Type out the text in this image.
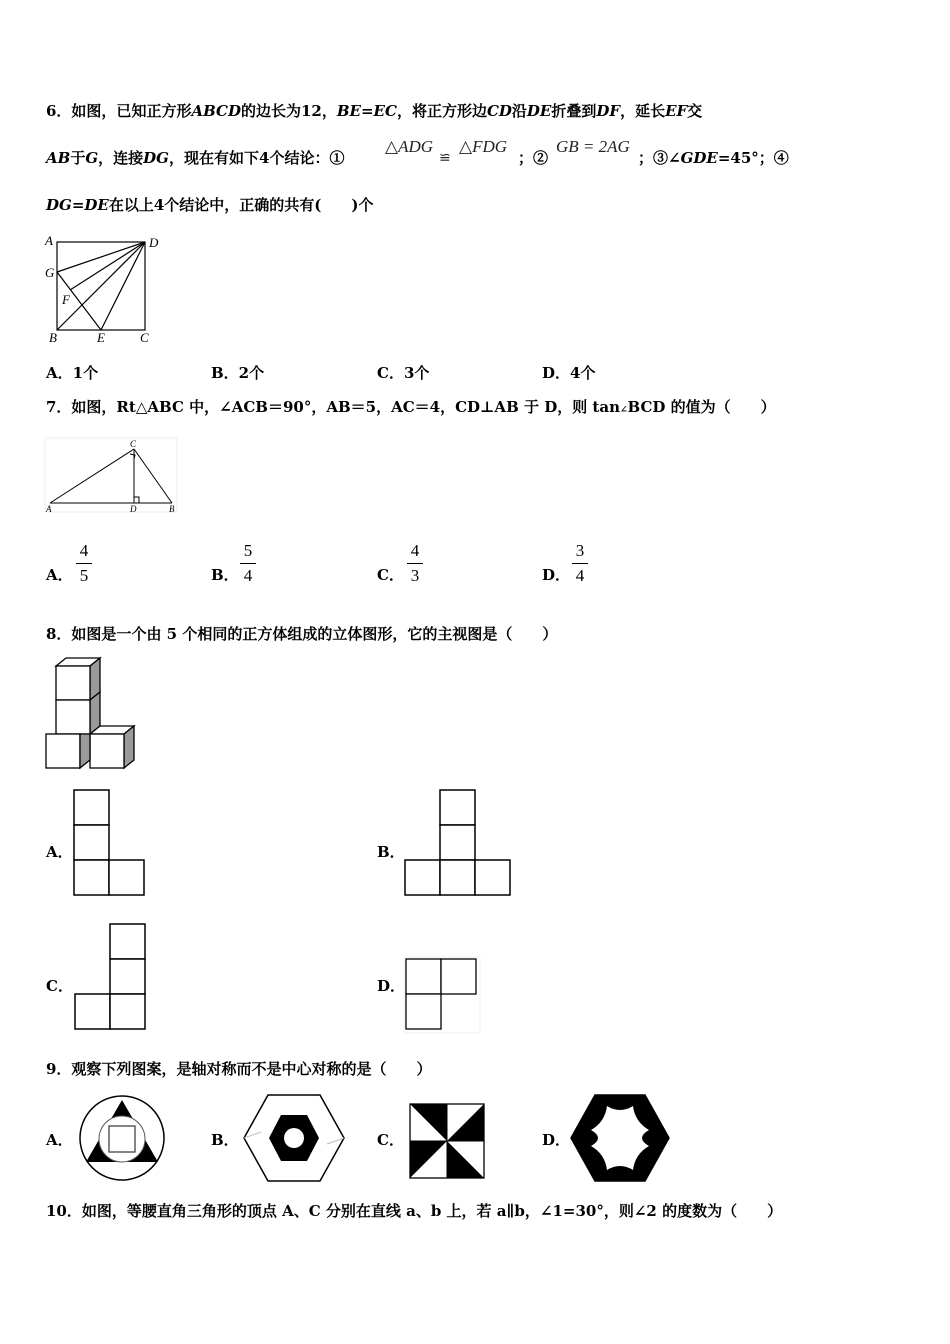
6．如图，已知正方形ABCD的边长为12，BE=EC，将正方形边CD沿DE折叠到DF，延长EF交
AB于G，连接DG，现在有如下4个结论：①
△ADG
≌
△FDG
；②
GB = 2AG
；③∠GDE=45°；④
DG=DE在以上4个结论中，正确的共有(　　)个
A	D
G
F
B	E	C
A．1个	B．2个	C．3个	D．4个
7．如图，Rt△ABC 中，∠ACB＝90°，AB＝5，AC＝4，CD⊥AB 于 D，则 tan∠BCD 的值为（　　）
C
A	D	B
A．
4
5	B．
5
4	C．
4
3	D．
3
4
8．如图是一个由 5 个相同的正方体组成的立体图形，它的主视图是（　　）
A．	B．
C．	D．
9．观察下列图案，是轴对称而不是中心对称的是（　　）
A．	B．	C．	D．
10．如图，等腰直角三角形的顶点 A、C 分别在直线 a、b 上，若 a∥b，∠1=30°，则∠2 的度数为（　　）
